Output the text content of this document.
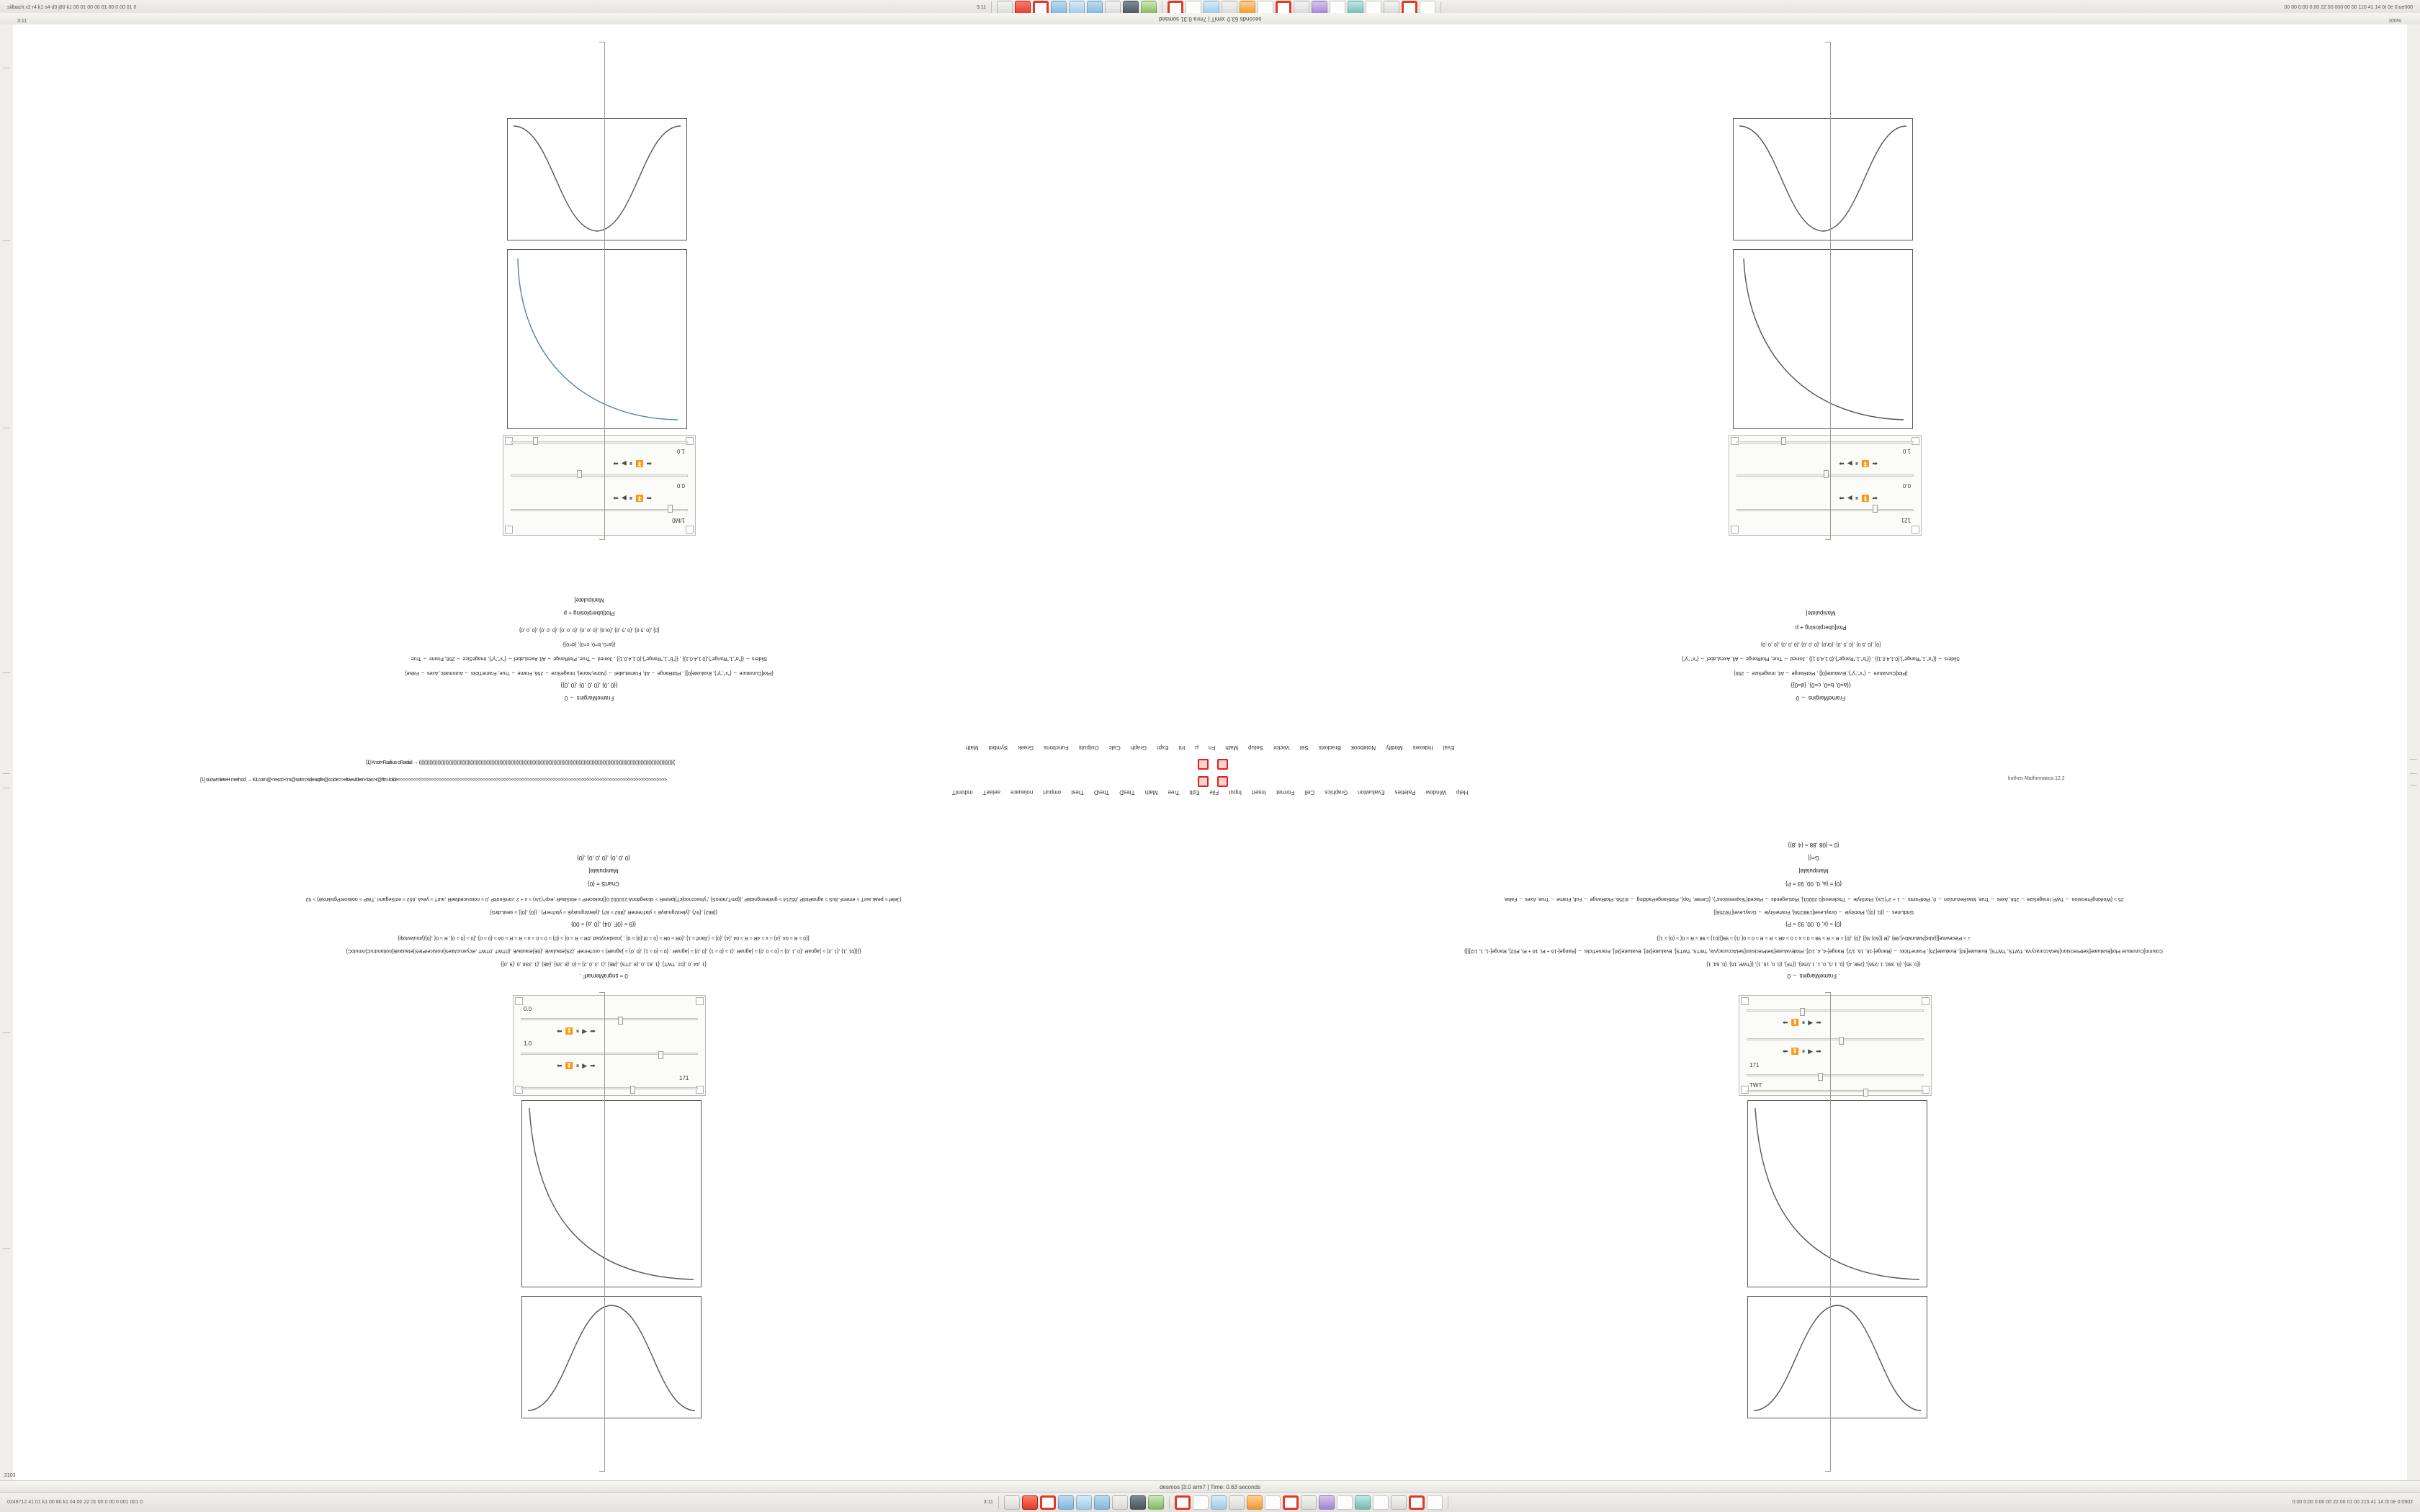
sillbach x2 r4 k1 s4 d3 j80 k1 00 01 00 00 01 00 0 00 01 0	3:11	00 00 0:00 0:00 22 00 000 00 00 110 41 14 0t 0e 0:ue000
seconds 63.0 :emiT | 7mra 0.31 somsed
1/M0
⬅
⏬
⏸
▶
➡
0.0
⬅
⏬
⏸
▶
➡
1.0
121
⬅
⏬
⏸
▶
➡
0.0
⬅
⏬
⏸
▶
➡
1.0
FrameMargins → 0
{{0 ,0} ,{0 ,0 ,0} ,{0 ,0}}
{Plot[Curvature → {"x","y"}, Evaluate[0]] , PlotRange → All, FrameLabel → {None,None}, ImageSize → 256, Frame → True, FrameTicks → Automatic, Axes → False}
Sliders → {{"a",1,"Range"},{0.1,4,0.1}} , {{"b",1,"Range"},{0.1,4,0.1}} , Joined → True, PlotRange → All, AxesLabel → {"x","y"}, ImageSize → 256, Frame → True
{{a=0, b=0, c=0}, {d=0}}
[0] ,{0 ,5 0} ,{0 ,5 ,0} ,{0r,0} ,{0 ,0 ,0} ,{0 ,0 ,0} ,{0 ,0 ,0} ,{0 ,0 ,0}
Plot[uberplosing + p
Manipulate[
FrameMargins → 0
{{a=0, b=0, c=0}, {d=0}}
{Plot[Curvature → {"x","y"}, Evaluate[0]] , PlotRange → All, ImageSize → 256}
Sliders → {{"a",1,"Range"},{0.1,4,0.1}} , {{"b",1,"Range"},{0.1,4,0.1}} , Joined → True, PlotRange → All, AxesLabel → {"x","y"}
[0] ,{0 ,5 0} ,{0 ,5 ,0} ,{0r,0} ,{0 ,0 ,0} ,{0 ,0 ,0} ,{0 ,0 ,0}
Plot[uberplosing + p
Manipulate[
Eval
Indexes
Modify
Notebook
Brackets
Set
Vector
Setup
Math
Fn
µ
Int
Expr
Graph
Calc
Outputs
Functions
Greek
Symbol
Math
[1] Knot=Radius oRadial → ((((((((((((((((((((((((((((((((((((((((((((((((((((((((((((((((((((((((((((((((((((((((((((((((((((((((((((((((((((((((((((((((((((((((((((((((((((((((((((((((((((((((((((((((((((((((((((((((((
[1] suowmleteH method → Kit.com@<exct><m@sotm>toleaqtfe@ccide>>eltaeuldern<tan>r@ftm.tolde>>>>>>>>>>>>>>>>>>>>>>>>>>>>>>>>>>>>>>>>>>>>>>>>>>>>>>>>>>>>>>>>>>>>>>>>>>>>>>>>>>>>>>>>>>>>>>>>>>>>>>>>	kothen Mathematica 12.2
Help
Window
Palettes
Evaluation
Graphics
Cell
Format
Insert
Input
File
Edit
Tree
Math
TtesD
TtesD
Ttest
ompurt
nolauare
aelaeT
mdomlT
0 ≈ sngraMemarF .
{1 ,44 ,0 ,{01 ,TWT} ,{1 ,81 ,0 ,{8 ,2TS} ,{8E} ,{1 ,3 ,0 ,2} ≈ {0 ,{8 ,3S} ,{4E} ,{1 ,3S6 ,0 ,{9 ,0}}
{{{{01 ,1} ,{1 ,2} ≈ }agnaR ,{0 ,1 ,0} ≈ {0 ≈ 0 ,0} ≈ }agnaR ,{1 ≈ {0 ≈ 1} ,{0 ,0} ≈ }agnaR , {0 ≈ {0 ≈ 1} ,{0 ,0} ≈ }agnaR} ≈ oroTerneF ,{2S}etaulavE ,{0E}etaulavE ,{0TWT ,0TWT ,elcyarucAkeS}noisicerPteS}etaulavE{noitarutruC}nmuloC}
{{0 ≈ R ≈ 04 ,{4} ≈ x ≈ 4R ≈ R ≈ 04 ,{4} ,{0} ≈ {Jlanif ≈ 1} ,{0R ≈ 0R ≈ {0 ≈ 0f,{0} ≈ 0{ , }noislaVytaid ,0R ≈ R ≈ 0{ ≈ {0} ≈ 0 ≈ 0 ≈ 4 ≈ R ≈ R ≈ 04 ≈ {0 ≈ 0} ,{0 ≈ {0 ≈ 0}, R ≈ 0{ ,{0}{ytoulavtolp}
{{9 ≈ {0F ,04} ,{0 ,a} ≈ 00}
{{862} ,{97} ,{ylerArgnukyE ≈ ylaTremeR ,{862 ≈ 87} ,{ylerArgnukyE ≈ ylaTrerP} , {{0} ,{0}} ≈ seniLdirG}
{Jelef ≈ peak.aurT ≈ emenF.JluS ≈ agnaRtolP ,65214 ≈ gnittesngnidaP ,{{pmT,ratnoS} ,"ylnoccnoojcT}ipezeR ≈ sknegdoriA 210002.0{}noisicerP ≈ etaSlavR ,exp^(1/x) ≈ x + 2 ,rorrEnoitP ,0 ≈ noisrucedlaeR ,aurT ≈ yexA ,652 ≈ eziSegamI ,TWP ≈ noisicerPgnikroW} ≈ 52
ChartS = {0}
Manipulate[
{0 ,0 ,0} ,{0 ,0 ,0} ,{0}
. FrameMargins → 0
{{0, 95}, {0, 360, 1 /256}, {298, 4}, {0, 1 /1, 0, 1, 1 /256}, {{TF}, {0, 0, 16, 1}, {{TWP, 16}, {0, 64, 1}
Column[Curvature Plot[Evaluate[SetPrecision[SetAccuracyVa, TWTS, TWTS], Evaluate[30], Evaluate[25], FrameTicks → {Range[-16, 16, 1/2], Range[-4, 4, 1/2], PlotEvaluate[SetPrecision[SetAccuracyVa, TWTS, TWTS], Evaluate[30], Evaluate[30], FrameTicks → {Range[-16 + Pi, 16 + Pi, Pi/2], Range[-1, 1, 1/2]}]}
≈ ≈ Piecewise[{{Abs[NaturalDv],98} ,{R {(60) /6}} ,{0} ,{0} ≈ R ≈ R ≈ 98 ≈ 0 ≈ x ≈ 0 ≈ 4R ≈ R ≈ R ≈ 0 ≈ 0{ /1} ≈ 99{}{01} ≈ 98 ≈ R ≈ 0{ ≈ {0} ≈ 1}}
{0} ≈ {x, 0, 00, 93 ≈ P}
GridLines → {{0, {0}}, PlotStyle → GrayLevel[198/256], FrameStyle → GrayLevel[78/256]}
25 ≈ {WorkingPrecision → TWP, ImageSize → 256, Axes → True, MaxRecursion → 0, PlotPoints → 1 + 2^(1/x), PlotStyle → Thickness[0.20001], PlotLegends → Placed("Expressions"), {Center, Top}, PlotRangePadding → 4/256, PlotRange → Full, Frame → True, Axes → False,
{0} ≈ {a, 0, 00, 93 ≈ P}
Manipulate[
G≈{{
{0 ≈ {08 ,88 ≈ {4 ,8}}
0.0
⬅ ⏬ ⏸ ▶ ➡
1.0
⬅ ⏬ ⏸ ▶ ➡
171
⬅ ⏬ ⏸ ▶ ➡
⬅ ⏬ ⏸ ▶ ➡
171
TWT
desmos [3.0 arm7 ] Time: 0.63 seconds
0249712 41 01 k1 00 80 k1 04 00 22 01 00 0 00 0 001 001 0	3:11	0:00 0:00 0:00 00 22 00 01 00 215 41 14 0t 0e 0:0902
2103
3:11	100%
